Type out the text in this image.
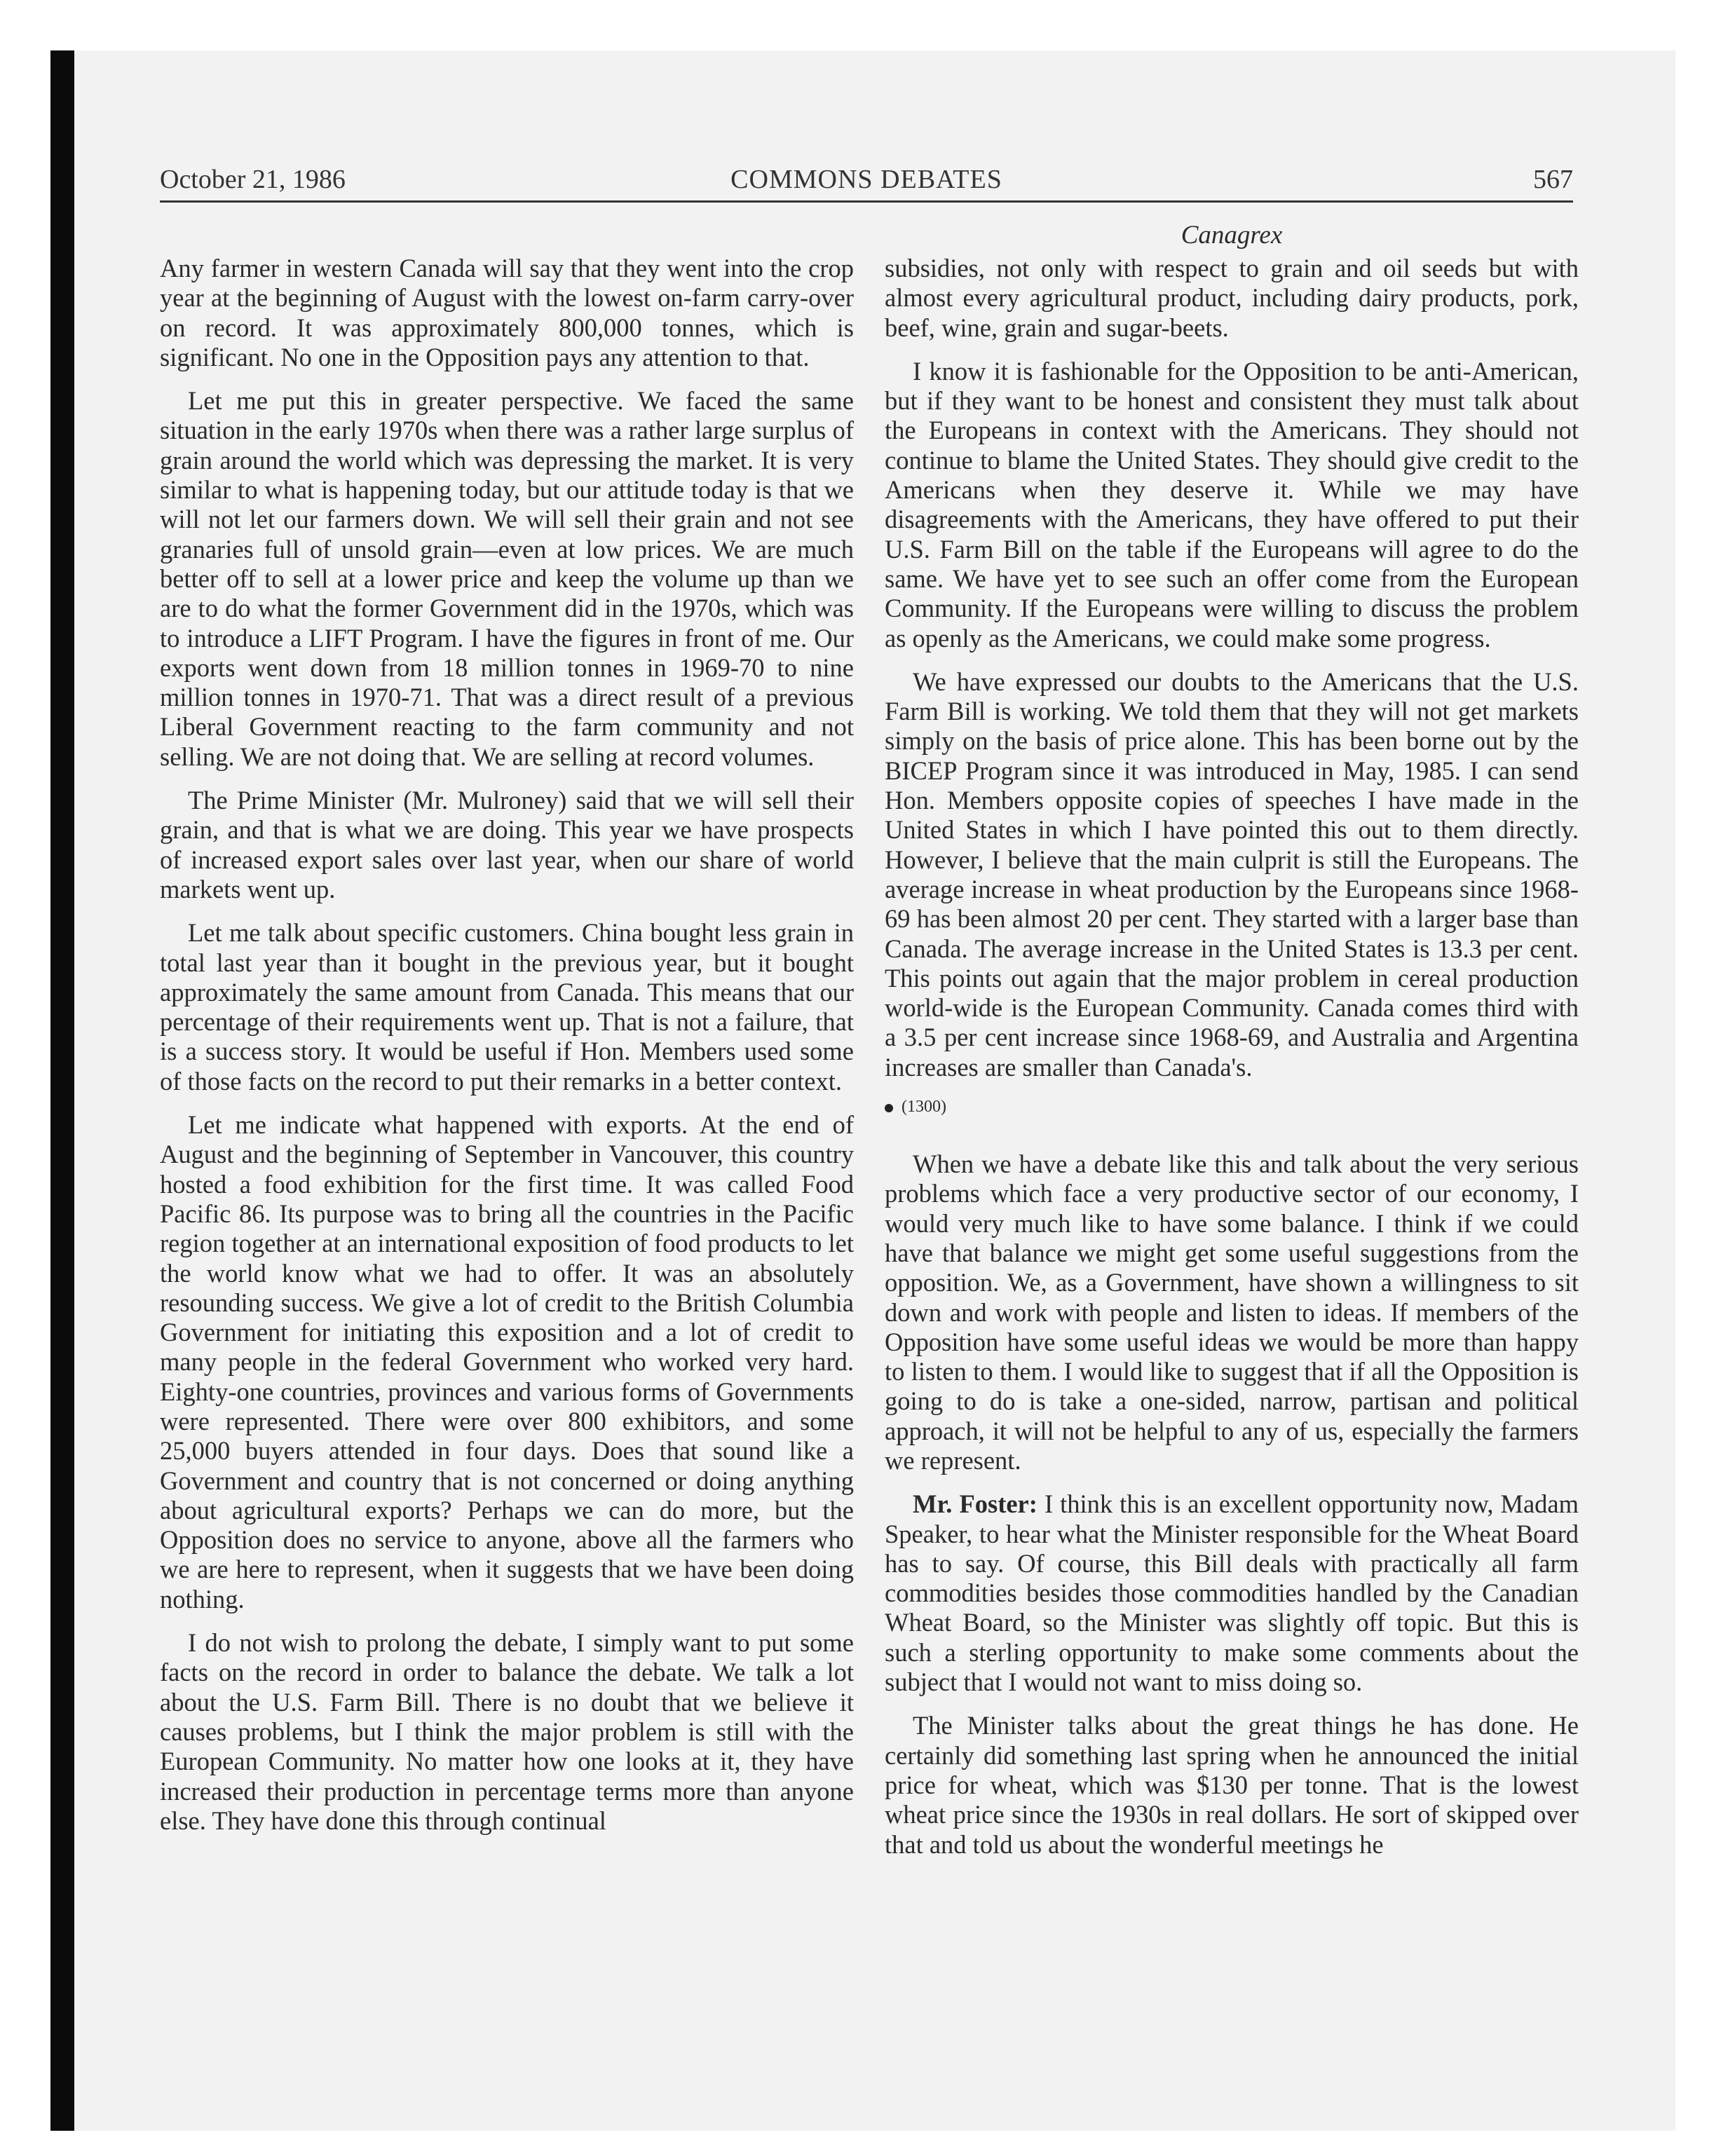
October 21, 1986	COMMONS DEBATES	567

Any farmer in western Canada will say that they went into the crop year at the beginning of August with the lowest on-farm carry-over on record. It was approximately 800,000 tonnes, which is significant. No one in the Opposition pays any attention to that.

Let me put this in greater perspective. We faced the same situation in the early 1970s when there was a rather large surplus of grain around the world which was depressing the market. It is very similar to what is happening today, but our attitude today is that we will not let our farmers down. We will sell their grain and not see granaries full of unsold grain—even at low prices. We are much better off to sell at a lower price and keep the volume up than we are to do what the former Government did in the 1970s, which was to introduce a LIFT Program. I have the figures in front of me. Our exports went down from 18 million tonnes in 1969-70 to nine million tonnes in 1970-71. That was a direct result of a previous Liberal Government reacting to the farm community and not selling. We are not doing that. We are selling at record volumes.

The Prime Minister (Mr. Mulroney) said that we will sell their grain, and that is what we are doing. This year we have prospects of increased export sales over last year, when our share of world markets went up.

Let me talk about specific customers. China bought less grain in total last year than it bought in the previous year, but it bought approximately the same amount from Canada. This means that our percentage of their requirements went up. That is not a failure, that is a success story. It would be useful if Hon. Members used some of those facts on the record to put their remarks in a better context.

Let me indicate what happened with exports. At the end of August and the beginning of September in Vancouver, this country hosted a food exhibition for the first time. It was called Food Pacific 86. Its purpose was to bring all the countries in the Pacific region together at an international exposition of food products to let the world know what we had to offer. It was an absolutely resounding success. We give a lot of credit to the British Columbia Government for initiating this exposition and a lot of credit to many people in the federal Government who worked very hard. Eighty-one countries, provinces and various forms of Governments were represented. There were over 800 exhibitors, and some 25,000 buyers attended in four days. Does that sound like a Government and country that is not concerned or doing anything about agricultural exports? Perhaps we can do more, but the Opposition does no service to anyone, above all the farmers who we are here to represent, when it suggests that we have been doing nothing.

I do not wish to prolong the debate, I simply want to put some facts on the record in order to balance the debate. We talk a lot about the U.S. Farm Bill. There is no doubt that we believe it causes problems, but I think the major problem is still with the European Community. No matter how one looks at it, they have increased their production in percentage terms more than anyone else. They have done this through continual

Canagrex

subsidies, not only with respect to grain and oil seeds but with almost every agricultural product, including dairy products, pork, beef, wine, grain and sugar-beets.

I know it is fashionable for the Opposition to be anti-American, but if they want to be honest and consistent they must talk about the Europeans in context with the Americans. They should not continue to blame the United States. They should give credit to the Americans when they deserve it. While we may have disagreements with the Americans, they have offered to put their U.S. Farm Bill on the table if the Europeans will agree to do the same. We have yet to see such an offer come from the European Community. If the Europeans were willing to discuss the problem as openly as the Americans, we could make some progress.

We have expressed our doubts to the Americans that the U.S. Farm Bill is working. We told them that they will not get markets simply on the basis of price alone. This has been borne out by the BICEP Program since it was introduced in May, 1985. I can send Hon. Members opposite copies of speeches I have made in the United States in which I have pointed this out to them directly. However, I believe that the main culprit is still the Europeans. The average increase in wheat production by the Europeans since 1968-69 has been almost 20 per cent. They started with a larger base than Canada. The average increase in the United States is 13.3 per cent. This points out again that the major problem in cereal production world-wide is the European Community. Canada comes third with a 3.5 per cent increase since 1968-69, and Australia and Argentina increases are smaller than Canada's.

(1300)

When we have a debate like this and talk about the very serious problems which face a very productive sector of our economy, I would very much like to have some balance. I think if we could have that balance we might get some useful suggestions from the opposition. We, as a Government, have shown a willingness to sit down and work with people and listen to ideas. If members of the Opposition have some useful ideas we would be more than happy to listen to them. I would like to suggest that if all the Opposition is going to do is take a one-sided, narrow, partisan and political approach, it will not be helpful to any of us, especially the farmers we represent.

Mr. Foster: I think this is an excellent opportunity now, Madam Speaker, to hear what the Minister responsible for the Wheat Board has to say. Of course, this Bill deals with practically all farm commodities besides those commodities handled by the Canadian Wheat Board, so the Minister was slightly off topic. But this is such a sterling opportunity to make some comments about the subject that I would not want to miss doing so.

The Minister talks about the great things he has done. He certainly did something last spring when he announced the initial price for wheat, which was $130 per tonne. That is the lowest wheat price since the 1930s in real dollars. He sort of skipped over that and told us about the wonderful meetings he
